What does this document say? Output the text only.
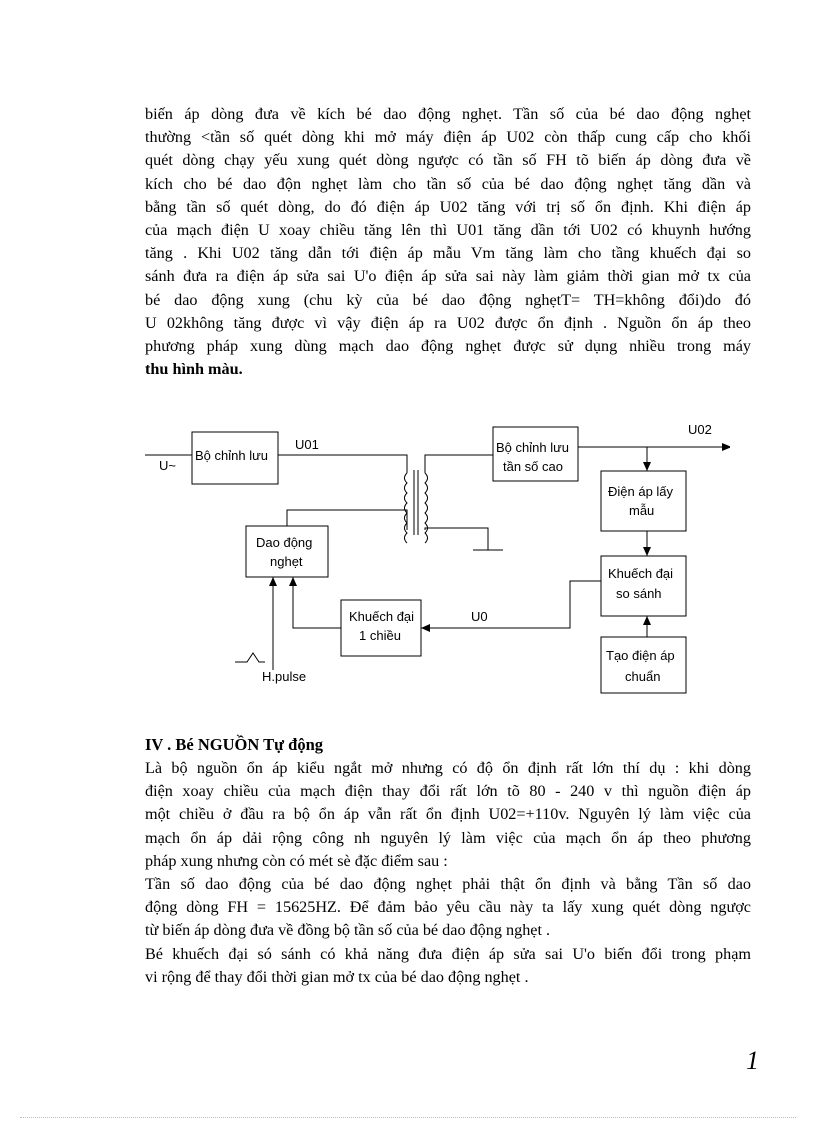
biến áp dòng đưa về kích bé dao động nghẹt. Tần số của bé dao động nghẹt
thường <tần số quét dòng khi mở máy điện áp U02 còn thấp cung cấp cho khối
quét dòng chạy yếu xung quét dòng ngược có tần số FH tõ biến áp dòng đưa về
kích cho bé dao độn nghẹt làm cho tần số của bé dao động nghẹt tăng dần và
bằng tần số quét dòng, do đó điện áp U02 tăng với trị số ổn định. Khi điện áp
của mạch điện U xoay chiều tăng lên thì U01 tăng dần tới U02 có khuynh hướng
tăng . Khi U02 tăng dẫn tới điện áp mẫu Vm tăng làm cho tầng khuếch đại so
sánh đưa ra điện áp sửa sai U'o điện áp sửa sai này làm giảm thời gian mở tx của
bé dao động xung (chu kỳ của bé dao động nghẹtT= TH=không đổi)do đó
U 02không tăng được vì vậy điện áp ra U02 được ổn định . Nguồn ổn áp theo
phương pháp xung dùng mạch dao động nghẹt được sử dụng nhiều trong máy
thu hình màu.
U~
Bộ chỉnh lưu
U01
U02
Bộ chỉnh lưu
tần số cao
Điện áp lấy
mẫu
Dao động
nghẹt
Khuếch đại
so sánh
Khuếch đại
1 chiều
U0
Tạo điện áp
chuẩn
H.pulse
IV . Bé NGUỒN Tự động
Là bộ nguồn ổn áp kiểu ngắt mở nhưng có độ ổn định rất lớn thí dụ : khi dòng
điện xoay chiều của mạch điện thay đổi rất lớn tõ 80 - 240 v thì nguồn điện áp
một chiều ở đầu ra bộ ổn áp vẫn rất ổn định U02=+110v. Nguyên lý làm việc của
mạch ổn áp dải rộng công nh nguyên lý làm việc của mạch ổn áp theo phương
pháp xung nhưng còn có mét sè đặc điểm sau :
Tần số dao động của bé dao động nghẹt phải thật ổn định và bằng Tần số dao
động dòng FH = 15625HZ. Để đảm bảo yêu cầu này ta lấy xung quét dòng ngược
từ biến áp dòng đưa về đồng bộ tần số của bé dao động nghẹt .
Bé khuếch đại só sánh có khả năng đưa điện áp sửa sai U'o biến đổi trong phạm
vi rộng để thay đổi thời gian mở tx của bé dao động nghẹt .
1
